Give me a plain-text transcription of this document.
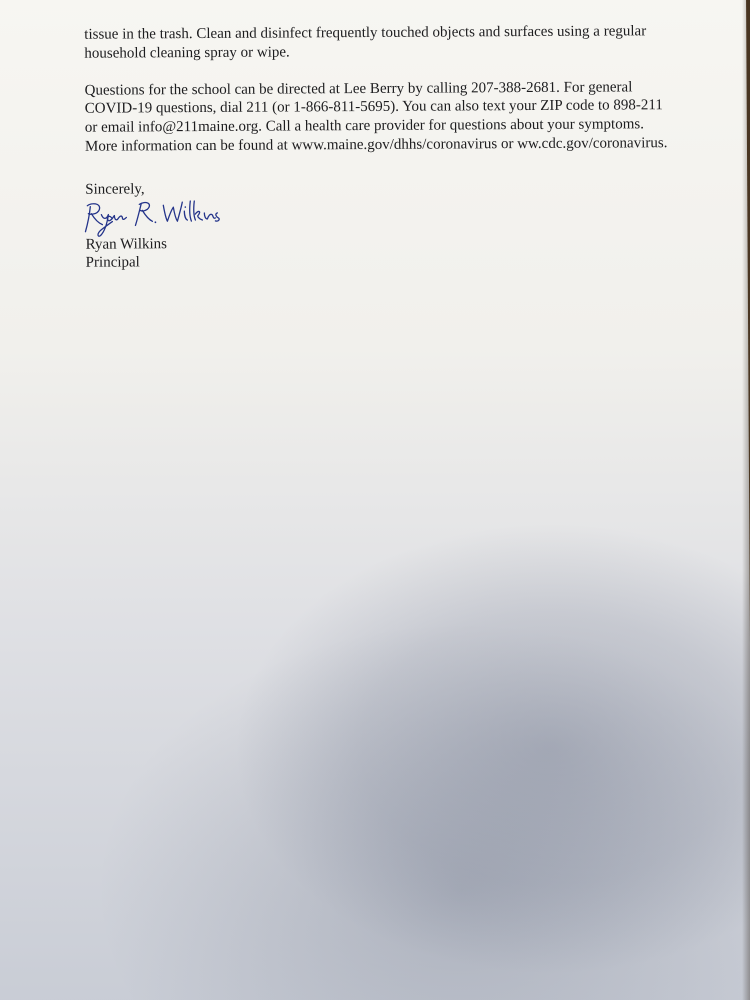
tissue in the trash. Clean and disinfect frequently touched objects and surfaces using a regular
household cleaning spray or wipe.
Questions for the school can be directed at Lee Berry by calling 207-388-2681. For general
COVID-19 questions, dial 211 (or 1-866-811-5695). You can also text your ZIP code to 898-211
or email info@211maine.org. Call a health care provider for questions about your symptoms.
More information can be found at www.maine.gov/dhhs/coronavirus or ww.cdc.gov/coronavirus.
Sincerely,
Ryan Wilkins
Principal
